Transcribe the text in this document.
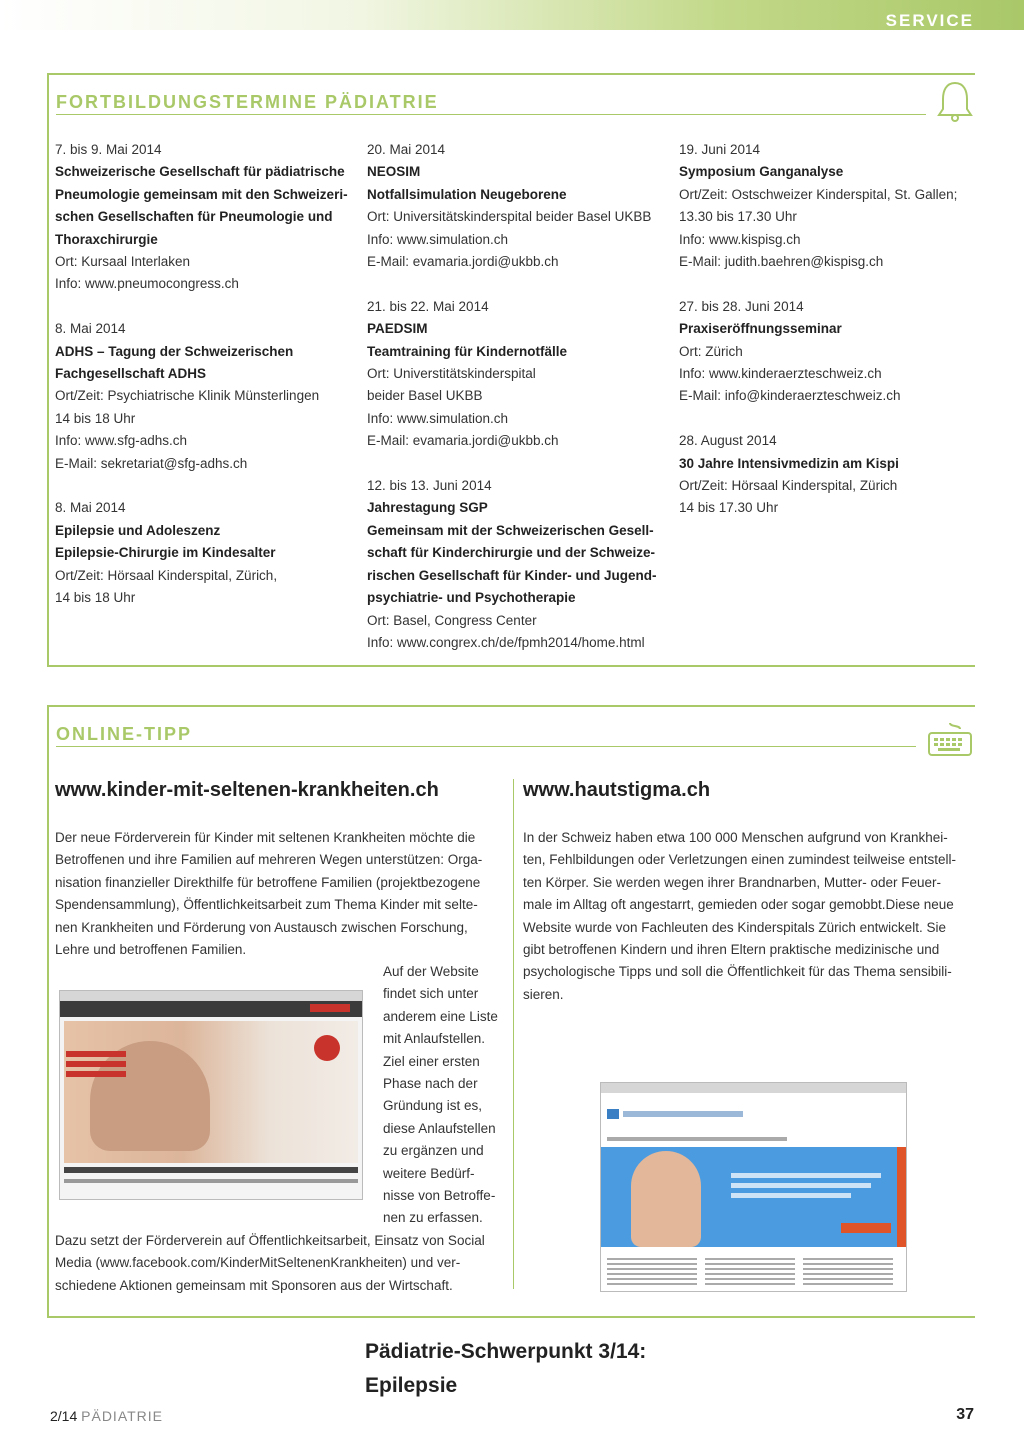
SERVICE
FORTBILDUNGSTERMINE PÄDIATRIE
7. bis 9. Mai 2014
Schweizerische Gesellschaft für pädiatrische
Pneumologie gemeinsam mit den Schweizeri-
schen Gesellschaften für Pneumologie und
Thoraxchirurgie
Ort: Kursaal Interlaken
Info: www.pneumocongress.ch
8. Mai 2014
ADHS – Tagung der Schweizerischen
Fachgesellschaft ADHS
Ort/Zeit: Psychiatrische Klinik Münsterlingen
14 bis 18 Uhr
Info: www.sfg-adhs.ch
E-Mail: sekretariat@sfg-adhs.ch
8. Mai 2014
Epilepsie und Adoleszenz
Epilepsie-Chirurgie im Kindesalter
Ort/Zeit: Hörsaal Kinderspital, Zürich,
14 bis 18 Uhr
20. Mai 2014
NEOSIM
Notfallsimulation Neugeborene
Ort: Universitätskinderspital beider Basel UKBB
Info: www.simulation.ch
E-Mail: evamaria.jordi@ukbb.ch
21. bis 22. Mai 2014
PAEDSIM
Teamtraining für Kindernotfälle
Ort: Universtitätskinderspital
beider Basel UKBB
Info: www.simulation.ch
E-Mail: evamaria.jordi@ukbb.ch
12. bis 13. Juni 2014
Jahrestagung SGP
Gemeinsam mit der Schweizerischen Gesell-
schaft für Kinderchirurgie und der Schweize-
rischen Gesellschaft für Kinder- und Jugend-
psychiatrie- und Psychotherapie
Ort: Basel, Congress Center
Info: www.congrex.ch/de/fpmh2014/home.html
19. Juni 2014
Symposium Ganganalyse
Ort/Zeit: Ostschweizer Kinderspital, St. Gallen;
13.30 bis 17.30 Uhr
Info: www.kispisg.ch
E-Mail: judith.baehren@kispisg.ch
27. bis 28. Juni 2014
Praxiseröffnungsseminar
Ort: Zürich
Info: www.kinderaerzteschweiz.ch
E-Mail: info@kinderaerzteschweiz.ch
28. August 2014
30 Jahre Intensivmedizin am Kispi
Ort/Zeit: Hörsaal Kinderspital, Zürich
14 bis 17.30 Uhr
ONLINE-TIPP
www.kinder-mit-seltenen-krankheiten.ch
Der neue Förderverein für Kinder mit seltenen Krankheiten möchte die
Betroffenen und ihre Familien auf mehreren Wegen unterstützen: Orga-
nisation finanzieller Direkthilfe für betroffene Familien (projektbezogene
Spendensammlung), Öffentlichkeitsarbeit zum Thema Kinder mit selte-
nen Krankheiten und Förderung von Austausch zwischen Forschung,
Lehre und betroffenen Familien.
Auf der Website
findet sich unter
anderem eine Liste
mit Anlaufstellen.
Ziel einer ersten
Phase nach der
Gründung ist es,
diese Anlaufstellen
zu ergänzen und
weitere Bedürf-
nisse von Betroffe-
nen zu erfassen.
Dazu setzt der Förderverein auf Öffentlichkeitsarbeit, Einsatz von Social
Media (www.facebook.com/KinderMitSeltenenKrankheiten) und ver-
schiedene Aktionen gemeinsam mit Sponsoren aus der Wirtschaft.
www.hautstigma.ch
In der Schweiz haben etwa 100 000 Menschen aufgrund von Krankhei-
ten, Fehlbildungen oder Verletzungen einen zumindest teilweise entstell-
ten Körper. Sie werden wegen ihrer Brandnarben, Mutter- oder Feuer-
male im Alltag oft angestarrt, gemieden oder sogar gemobbt.Diese neue
Website wurde von Fachleuten des Kinderspitals Zürich entwickelt. Sie
gibt betroffenen Kindern und ihren Eltern praktische medizinische und
psychologische Tipps und soll die Öffentlichkeit für das Thema sensibili-
sieren.
Pädiatrie-Schwerpunkt 3/14:
Epilepsie
2/14 PÄDIATRIE	37
